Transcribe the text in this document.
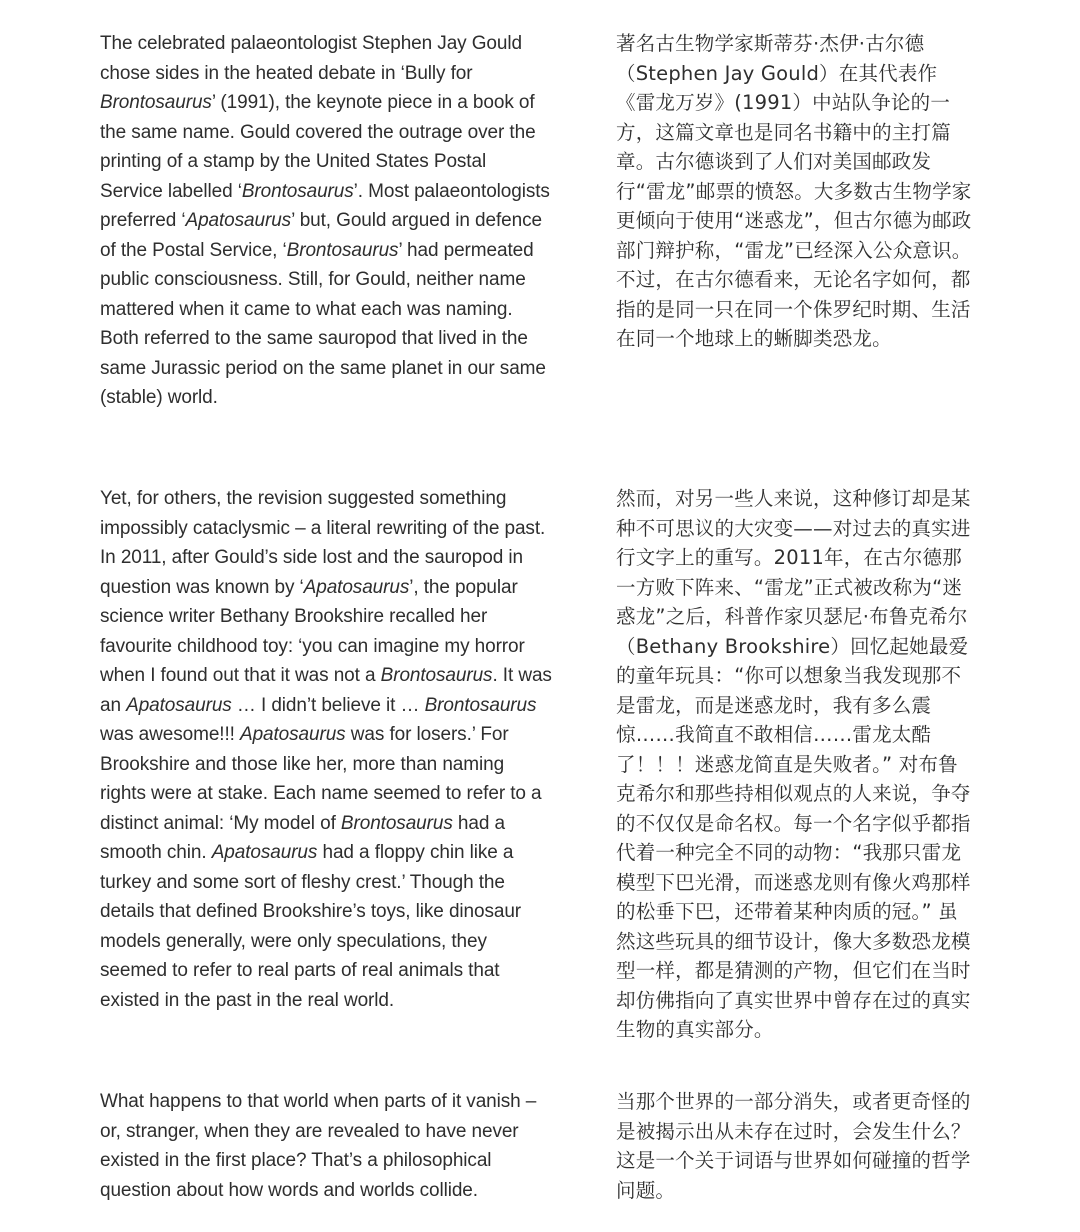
The celebrated palaeontologist Stephen Jay Gould chose sides in the heated debate in ‘Bully for Brontosaurus’ (1991), the keynote piece in a book of the same name. Gould covered the outrage over the printing of a stamp by the United States Postal Service labelled ‘Brontosaurus’. Most palaeontologists preferred ‘Apatosaurus’ but, Gould argued in defence of the Postal Service, ‘Brontosaurus’ had permeated public consciousness. Still, for Gould, neither name mattered when it came to what each was naming. Both referred to the same sauropod that lived in the same Jurassic period on the same planet in our same (stable) world.

著名古生物学家斯蒂芬·杰伊·古尔德（Stephen Jay Gould）在其代表作《雷龙万岁》(1991）中站队争论的一方，这篇文章也是同名书籍中的主打篇章。古尔德谈到了人们对美国邮政发行“雷龙”邮票的愤怒。大多数古生物学家更倾向于使用“迷惑龙”，但古尔德为邮政部门辩护称，“雷龙”已经深入公众意识。不过，在古尔德看来，无论名字如何，都指的是同一只在同一个侏罗纪时期、生活在同一个地球上的蜥脚类恐龙。

Yet, for others, the revision suggested something impossibly cataclysmic – a literal rewriting of the past. In 2011, after Gould’s side lost and the sauropod in question was known by ‘Apatosaurus’, the popular science writer Bethany Brookshire recalled her favourite childhood toy: ‘you can imagine my horror when I found out that it was not a Brontosaurus. It was an Apatosaurus … I didn’t believe it … Brontosaurus was awesome!!! Apatosaurus was for losers.’ For Brookshire and those like her, more than naming rights were at stake. Each name seemed to refer to a distinct animal: ‘My model of Brontosaurus had a smooth chin. Apatosaurus had a floppy chin like a turkey and some sort of fleshy crest.’ Though the details that defined Brookshire’s toys, like dinosaur models generally, were only speculations, they seemed to refer to real parts of real animals that existed in the past in the real world.

然而，对另一些人来说，这种修订却是某种不可思议的大灾变——对过去的真实进行文字上的重写。2011年，在古尔德那一方败下阵来、“雷龙”正式被改称为“迷惑龙”之后，科普作家贝瑟尼·布鲁克希尔（Bethany Brookshire）回忆起她最爱的童年玩具：“你可以想象当我发现那不是雷龙，而是迷惑龙时，我有多么震惊……我简直不敢相信……雷龙太酷了！！！迷惑龙简直是失败者。” 对布鲁克希尔和那些持相似观点的人来说，争夺的不仅仅是命名权。每一个名字似乎都指代着一种完全不同的动物：“我那只雷龙模型下巴光滑，而迷惑龙则有像火鸡那样的松垂下巴，还带着某种肉质的冠。” 虽然这些玩具的细节设计，像大多数恐龙模型一样，都是猜测的产物，但它们在当时却仿佛指向了真实世界中曾存在过的真实生物的真实部分。

What happens to that world when parts of it vanish – or, stranger, when they are revealed to have never existed in the first place? That’s a philosophical question about how words and worlds collide.

当那个世界的一部分消失，或者更奇怪的是被揭示出从未存在过时，会发生什么？这是一个关于词语与世界如何碰撞的哲学问题。
